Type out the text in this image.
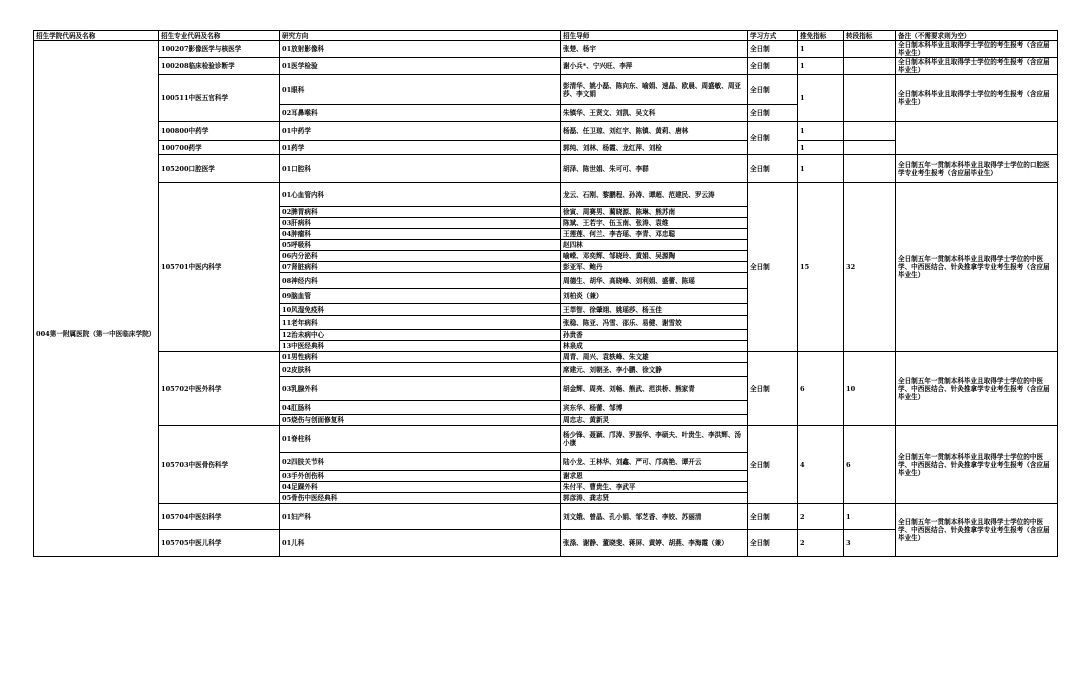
招生学院代码及名称	招生专业代码及名称	研究方向	招生导师	学习方式	推免指标	转段指标	备注（不需要求则为空）
004第一附属医院（第一中医临床学院）	100207影像医学与核医学	01放射影像科	张楚、杨宇	全日制	1		全日制本科毕业且取得学士学位的考生报考（含应届毕业生）
	100208临床检验诊断学	01医学检验	谢小兵*、宁兴旺、李萍	全日制	1		全日制本科毕业且取得学士学位的考生报考（含应届毕业生）
	100511中医五官科学	01眼科	彭清华、姚小磊、陈向东、喻娟、速晶、欧晨、周盛敏、周亚莎、李文娟	全日制	1		全日制本科毕业且取得学士学位的考生报考（含应届毕业生）
		02耳鼻喉科	朱镇华、王贤文、刘凯、吴文科	全日制			
	100800中药学	01中药学	杨磊、任卫琼、刘红宇、陈镇、黄莉、唐林	全日制	1		
	100700药学	01药学	郭纯、刘林、杨霞、龙红萍、刘检		1		
	105200口腔医学	01口腔科	胡泽、陈世娟、朱可可、李群	全日制	1		全日制五年一贯制本科毕业且取得学士学位的口腔医学专业考生报考（含应届毕业生）
	105701中医内科学	01心血管内科	龙云、石刚、黎鹏程、孙涛、谭超、范建民、罗云涛	全日制	15	32	全日制五年一贯制本科毕业且取得学士学位的中医学、中西医结合、针灸推拿学专业考生报考（含应届毕业生）
		02脾胃病科	徐寅、周赛男、蔺晓源、陈琳、熊苏南				
		03肝病科	陈斌、王若宇、伍玉南、张涛、袁维				
		04肿瘤科	王莲莲、何兰、李杏瑶、李青、邓忠聪				
		05呼吸科	赵四林				
		06内分泌科	喻嵘、邓奕辉、邹晓玲、黄娟、吴源陶				
		07肾脏病科	彭亚军、鲍丹				
		08神经内科	周德生、胡华、高晓峰、刘利娟、盛蕾、陈瑶				
		09脑血管	刘柏炎（兼）				
		10风湿免疫科	王莘智、徐肇翊、姚瑶莎、杨玉佳				
		11老年病科	张稳、陈亚、冯雪、邵乐、易健、谢雪姣				
		12治未病中心	孙贵香				
		13中医经典科	林泉成				
	105702中医外科学	01男性病科	周青、周兴、袁轶峰、朱文雄	全日制	6	10	全日制五年一贯制本科毕业且取得学士学位的中医学、中西医结合、针灸推拿学专业考生报考（含应届毕业生）
		02皮肤科	席建元、刘朝圣、李小鹏、徐文静				
		03乳腺外科	胡金辉、周亮、刘畅、熊武、范洪桥、熊家青				
		04肛肠科	宾东华、杨蕾、邹博				
		05烧伤与创面修复科	周忠志、黄新灵				
	105703中医骨伤科学	01脊柱科	杨少锋、聂颖、邝涛、罗振华、李硕夫、叶贵生、李洪辉、汤小康	全日制	4	6	全日制五年一贯制本科毕业且取得学士学位的中医学、中西医结合、针灸推拿学专业考生报考（含应届毕业生）
		02四肢关节科	陆小龙、王林华、刘鑫、严可、邝高艳、谭开云				
		03手外创伤科	谢求恩				
		04足踝外科	朱付平、曹贵生、李武平				
		05骨伤中医经典科	郭彦涛、龚志贤				
	105704中医妇科学	01妇产科	刘文娥、曾晶、孔小娟、邹芝香、李姣、苏丽清	全日制	2	1	全日制五年一贯制本科毕业且取得学士学位的中医学、中西医结合、针灸推拿学专业考生报考（含应届毕业生）
	105705中医儿科学	01儿科	张涤、谢静、董晓斐、蒋屏、黄婷、胡燕、李海霞（兼）	全日制	2	3	
